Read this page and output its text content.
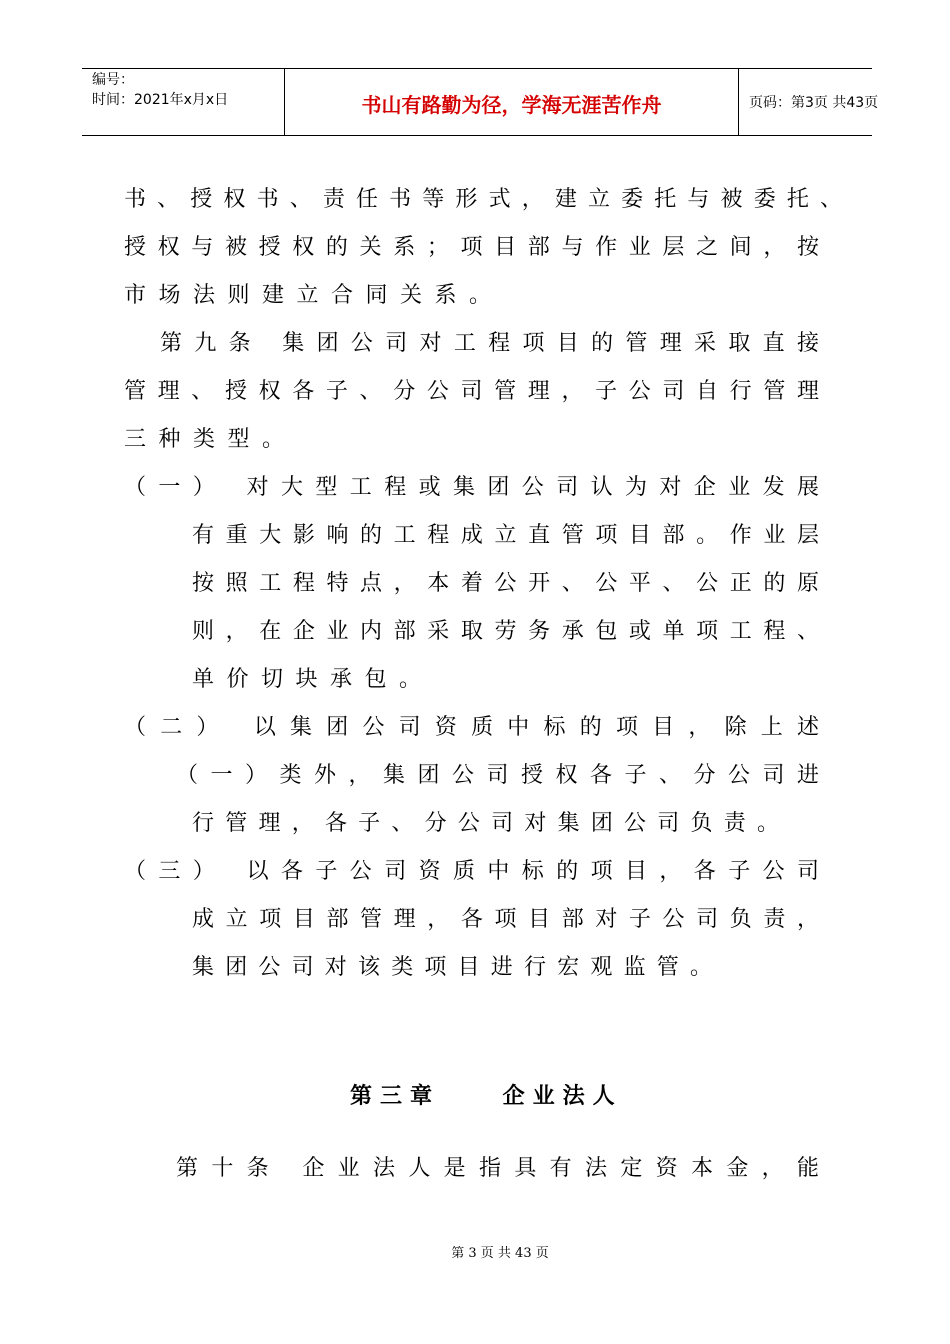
编号：
时间：2021年x月x日	书山有路勤为径，学海无涯苦作舟	页码：第3页 共43页
书、授权书、责任书等形式，建立委托与被委托、
授权与被授权的关系；项目部与作业层之间，按
市场法则建立合同关系。
第九条 集团公司对工程项目的管理采取直接
管理、授权各子、分公司管理，子公司自行管理
三种类型。
（一） 对大型工程或集团公司认为对企业发展
有重大影响的工程成立直管项目部。作业层
按照工程特点，本着公开、公平、公正的原
则，在企业内部采取劳务承包或单项工程、
单价切块承包。
（二） 以集团公司资质中标的项目，除上述
（一）类外，集团公司授权各子、分公司进
行管理，各子、分公司对集团公司负责。
（三） 以各子公司资质中标的项目，各子公司
成立项目部管理，各项目部对子公司负责，
集团公司对该类项目进行宏观监管。
第三章    企业法人
第十条 企业法人是指具有法定资本金，能
第 3 页 共 43 页
